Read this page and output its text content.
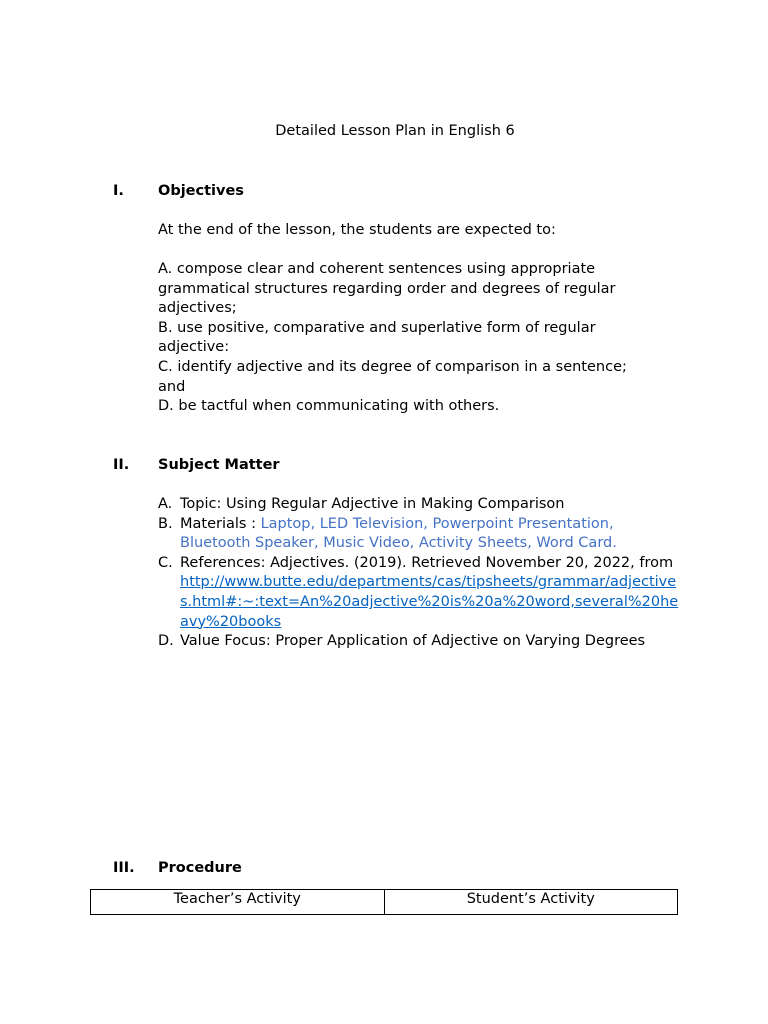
Detailed Lesson Plan in English 6
I. Objectives

At the end of the lesson, the students are expected to:

A. compose clear and coherent sentences using appropriate grammatical structures regarding order and degrees of regular adjectives;

B. use positive, comparative and superlative form of regular adjective:

C. identify adjective and its degree of comparison in a sentence; and

D. be tactful when communicating with others.

II. Subject Matter
A. Topic: Using Regular Adjective in Making Comparison
B. Materials : Laptop, LED Television, Powerpoint Presentation, Bluetooth Speaker, Music Video, Activity Sheets, Word Card.
C. References: Adjectives. (2019). Retrieved November 20, 2022, from
http://www.butte.edu/departments/cas/tipsheets/grammar/adjectives.html#:~:text=An%20adjective%20is%20a%20word,several%20heavy%20books
D. Value Focus: Proper Application of Adjective on Varying Degrees
III. Procedure
Teacher’s Activity	Student’s Activity
